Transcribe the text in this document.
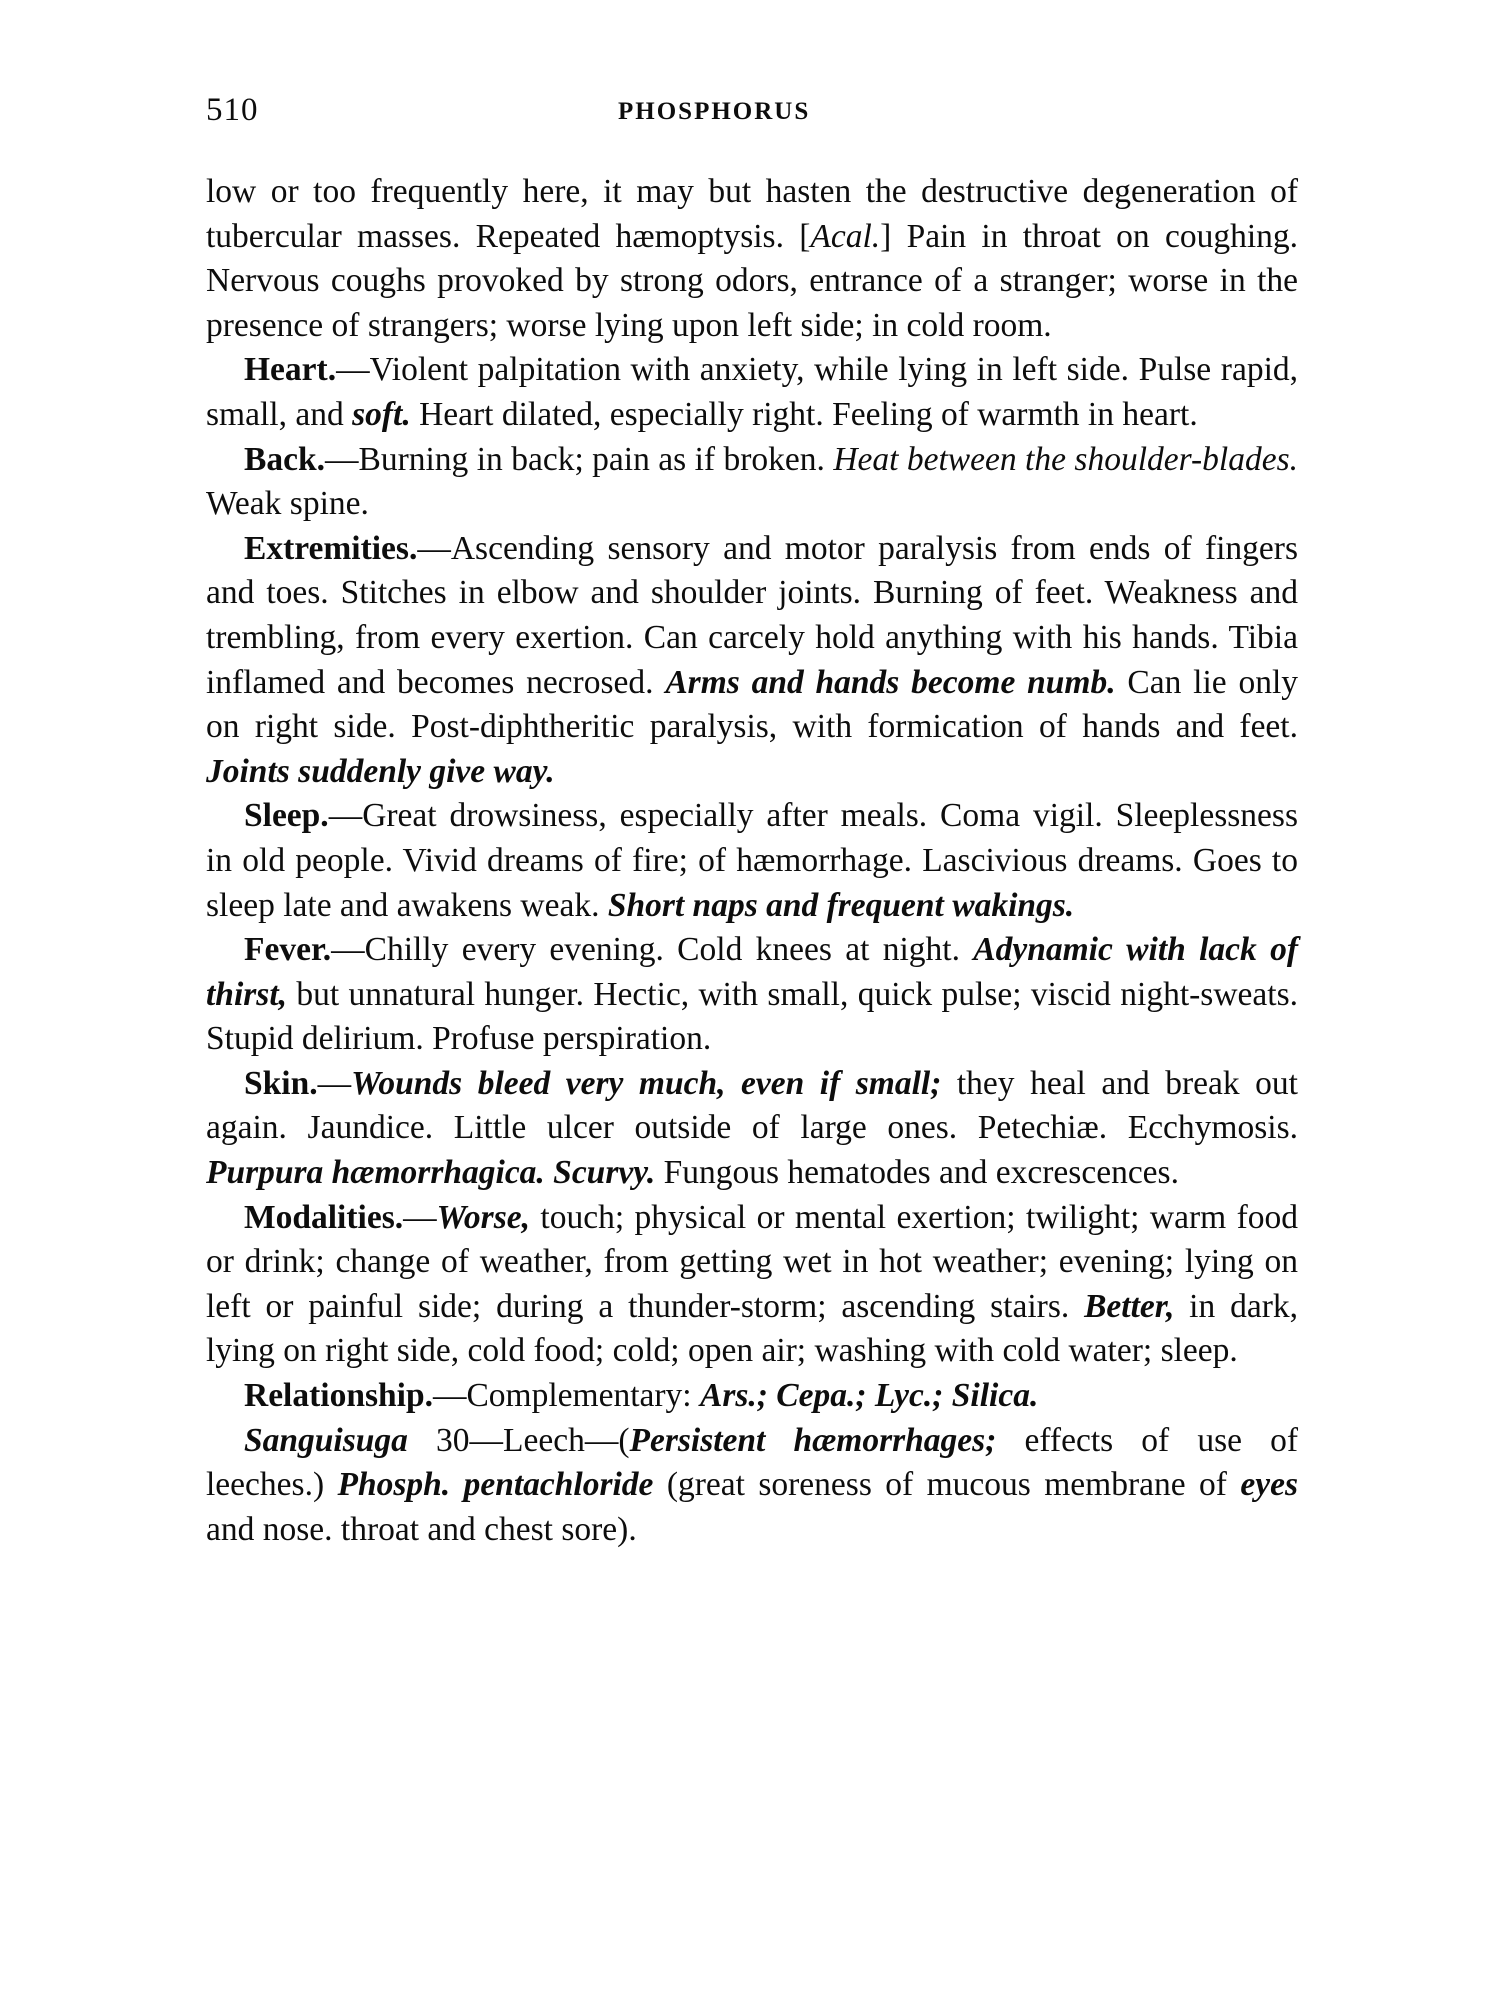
510	PHOSPHORUS

low or too frequently here, it may but hasten the destructive degeneration of tubercular masses. Repeated hæmoptysis. [Acal.] Pain in throat on coughing. Nervous coughs provoked by strong odors, entrance of a stranger; worse in the presence of strangers; worse lying upon left side; in cold room.

Heart.—Violent palpitation with anxiety, while lying in left side. Pulse rapid, small, and soft. Heart dilated, especially right. Feeling of warmth in heart.

Back.—Burning in back; pain as if broken. Heat between the shoulder-blades. Weak spine.

Extremities.—Ascending sensory and motor paralysis from ends of fingers and toes. Stitches in elbow and shoulder joints. Burning of feet. Weakness and trembling, from every exertion. Can carcely hold anything with his hands. Tibia inflamed and becomes necrosed. Arms and hands become numb. Can lie only on right side. Post-diphtheritic paralysis, with formication of hands and feet. Joints suddenly give way.

Sleep.—Great drowsiness, especially after meals. Coma vigil. Sleeplessness in old people. Vivid dreams of fire; of hæmorrhage. Lascivious dreams. Goes to sleep late and awakens weak. Short naps and frequent wakings.

Fever.—Chilly every evening. Cold knees at night. Adynamic with lack of thirst, but unnatural hunger. Hectic, with small, quick pulse; viscid night-sweats. Stupid delirium. Profuse perspiration.

Skin.—Wounds bleed very much, even if small; they heal and break out again. Jaundice. Little ulcer outside of large ones. Petechiæ. Ecchymosis. Purpura hæmorrhagica. Scurvy. Fungous hematodes and excrescences.

Modalities.—Worse, touch; physical or mental exertion; twilight; warm food or drink; change of weather, from getting wet in hot weather; evening; lying on left or painful side; during a thunder-storm; ascending stairs. Better, in dark, lying on right side, cold food; cold; open air; washing with cold water; sleep.

Relationship.—Complementary: Ars.; Cepa.; Lyc.; Silica.

Sanguisuga 30—Leech—(Persistent hæmorrhages; effects of use of leeches.) Phosph. pentachloride (great soreness of mucous membrane of eyes and nose. throat and chest sore).
